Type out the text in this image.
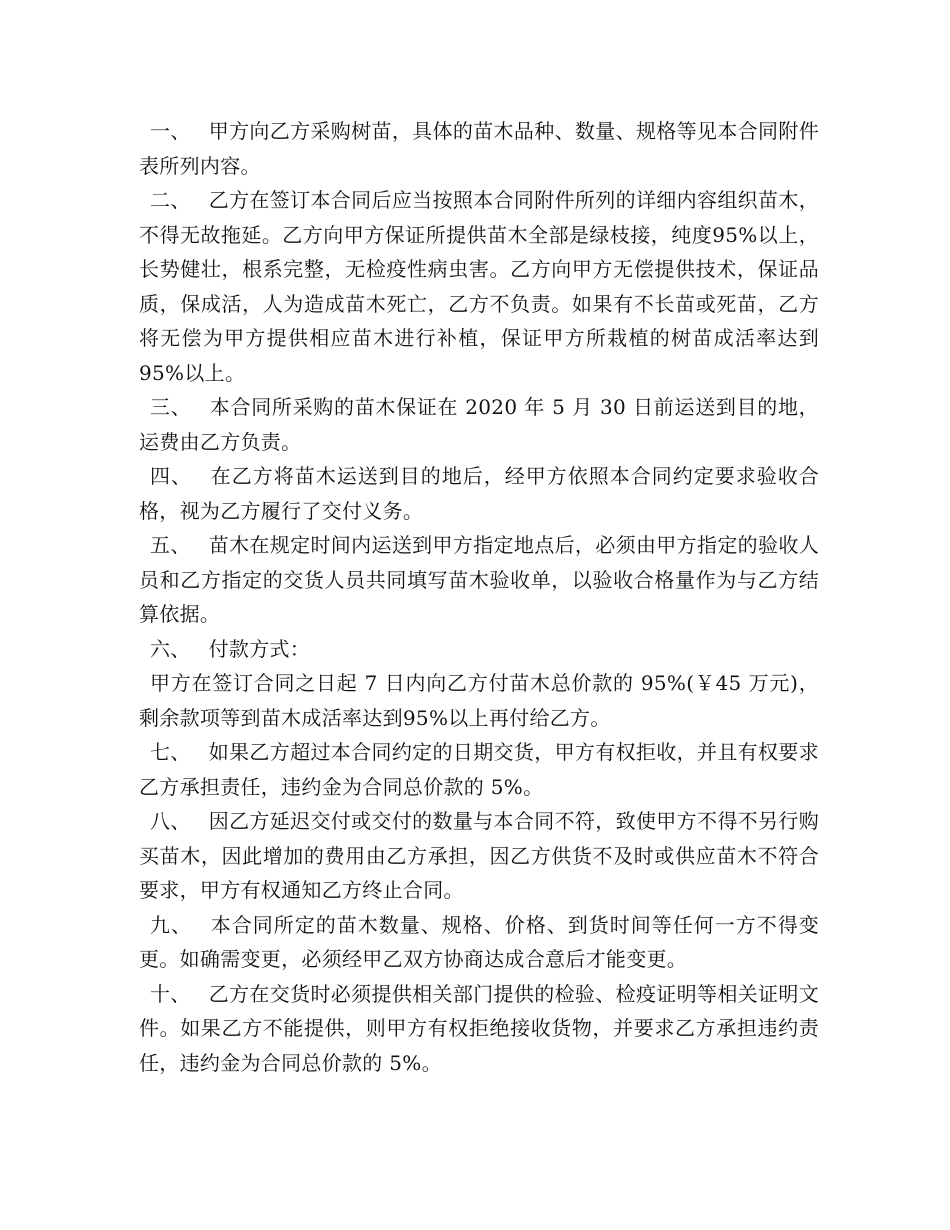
一、 甲方向乙方采购树苗，具体的苗木品种、数量、规格等见本合同附件表所列内容。

二、 乙方在签订本合同后应当按照本合同附件所列的详细内容组织苗木，不得无故拖延。乙方向甲方保证所提供苗木全部是绿枝接，纯度95%以上，长势健壮，根系完整，无检疫性病虫害。乙方向甲方无偿提供技术，保证品质，保成活，人为造成苗木死亡，乙方不负责。如果有不长苗或死苗，乙方将无偿为甲方提供相应苗木进行补植，保证甲方所栽植的树苗成活率达到95%以上。

三、 本合同所采购的苗木保证在 2020 年 5 月 30 日前运送到目的地，运费由乙方负责。

四、 在乙方将苗木运送到目的地后，经甲方依照本合同约定要求验收合格，视为乙方履行了交付义务。

五、 苗木在规定时间内运送到甲方指定地点后，必须由甲方指定的验收人员和乙方指定的交货人员共同填写苗木验收单，以验收合格量作为与乙方结算依据。

六、 付款方式：

甲方在签订合同之日起 7 日内向乙方付苗木总价款的 95%(￥45 万元)，剩余款项等到苗木成活率达到95%以上再付给乙方。

七、 如果乙方超过本合同约定的日期交货，甲方有权拒收，并且有权要求乙方承担责任，违约金为合同总价款的 5%。

八、 因乙方延迟交付或交付的数量与本合同不符，致使甲方不得不另行购买苗木，因此增加的费用由乙方承担，因乙方供货不及时或供应苗木不符合要求，甲方有权通知乙方终止合同。

九、 本合同所定的苗木数量、规格、价格、到货时间等任何一方不得变更。如确需变更，必须经甲乙双方协商达成合意后才能变更。

十、 乙方在交货时必须提供相关部门提供的检验、检疫证明等相关证明文件。如果乙方不能提供，则甲方有权拒绝接收货物，并要求乙方承担违约责任，违约金为合同总价款的 5%。
